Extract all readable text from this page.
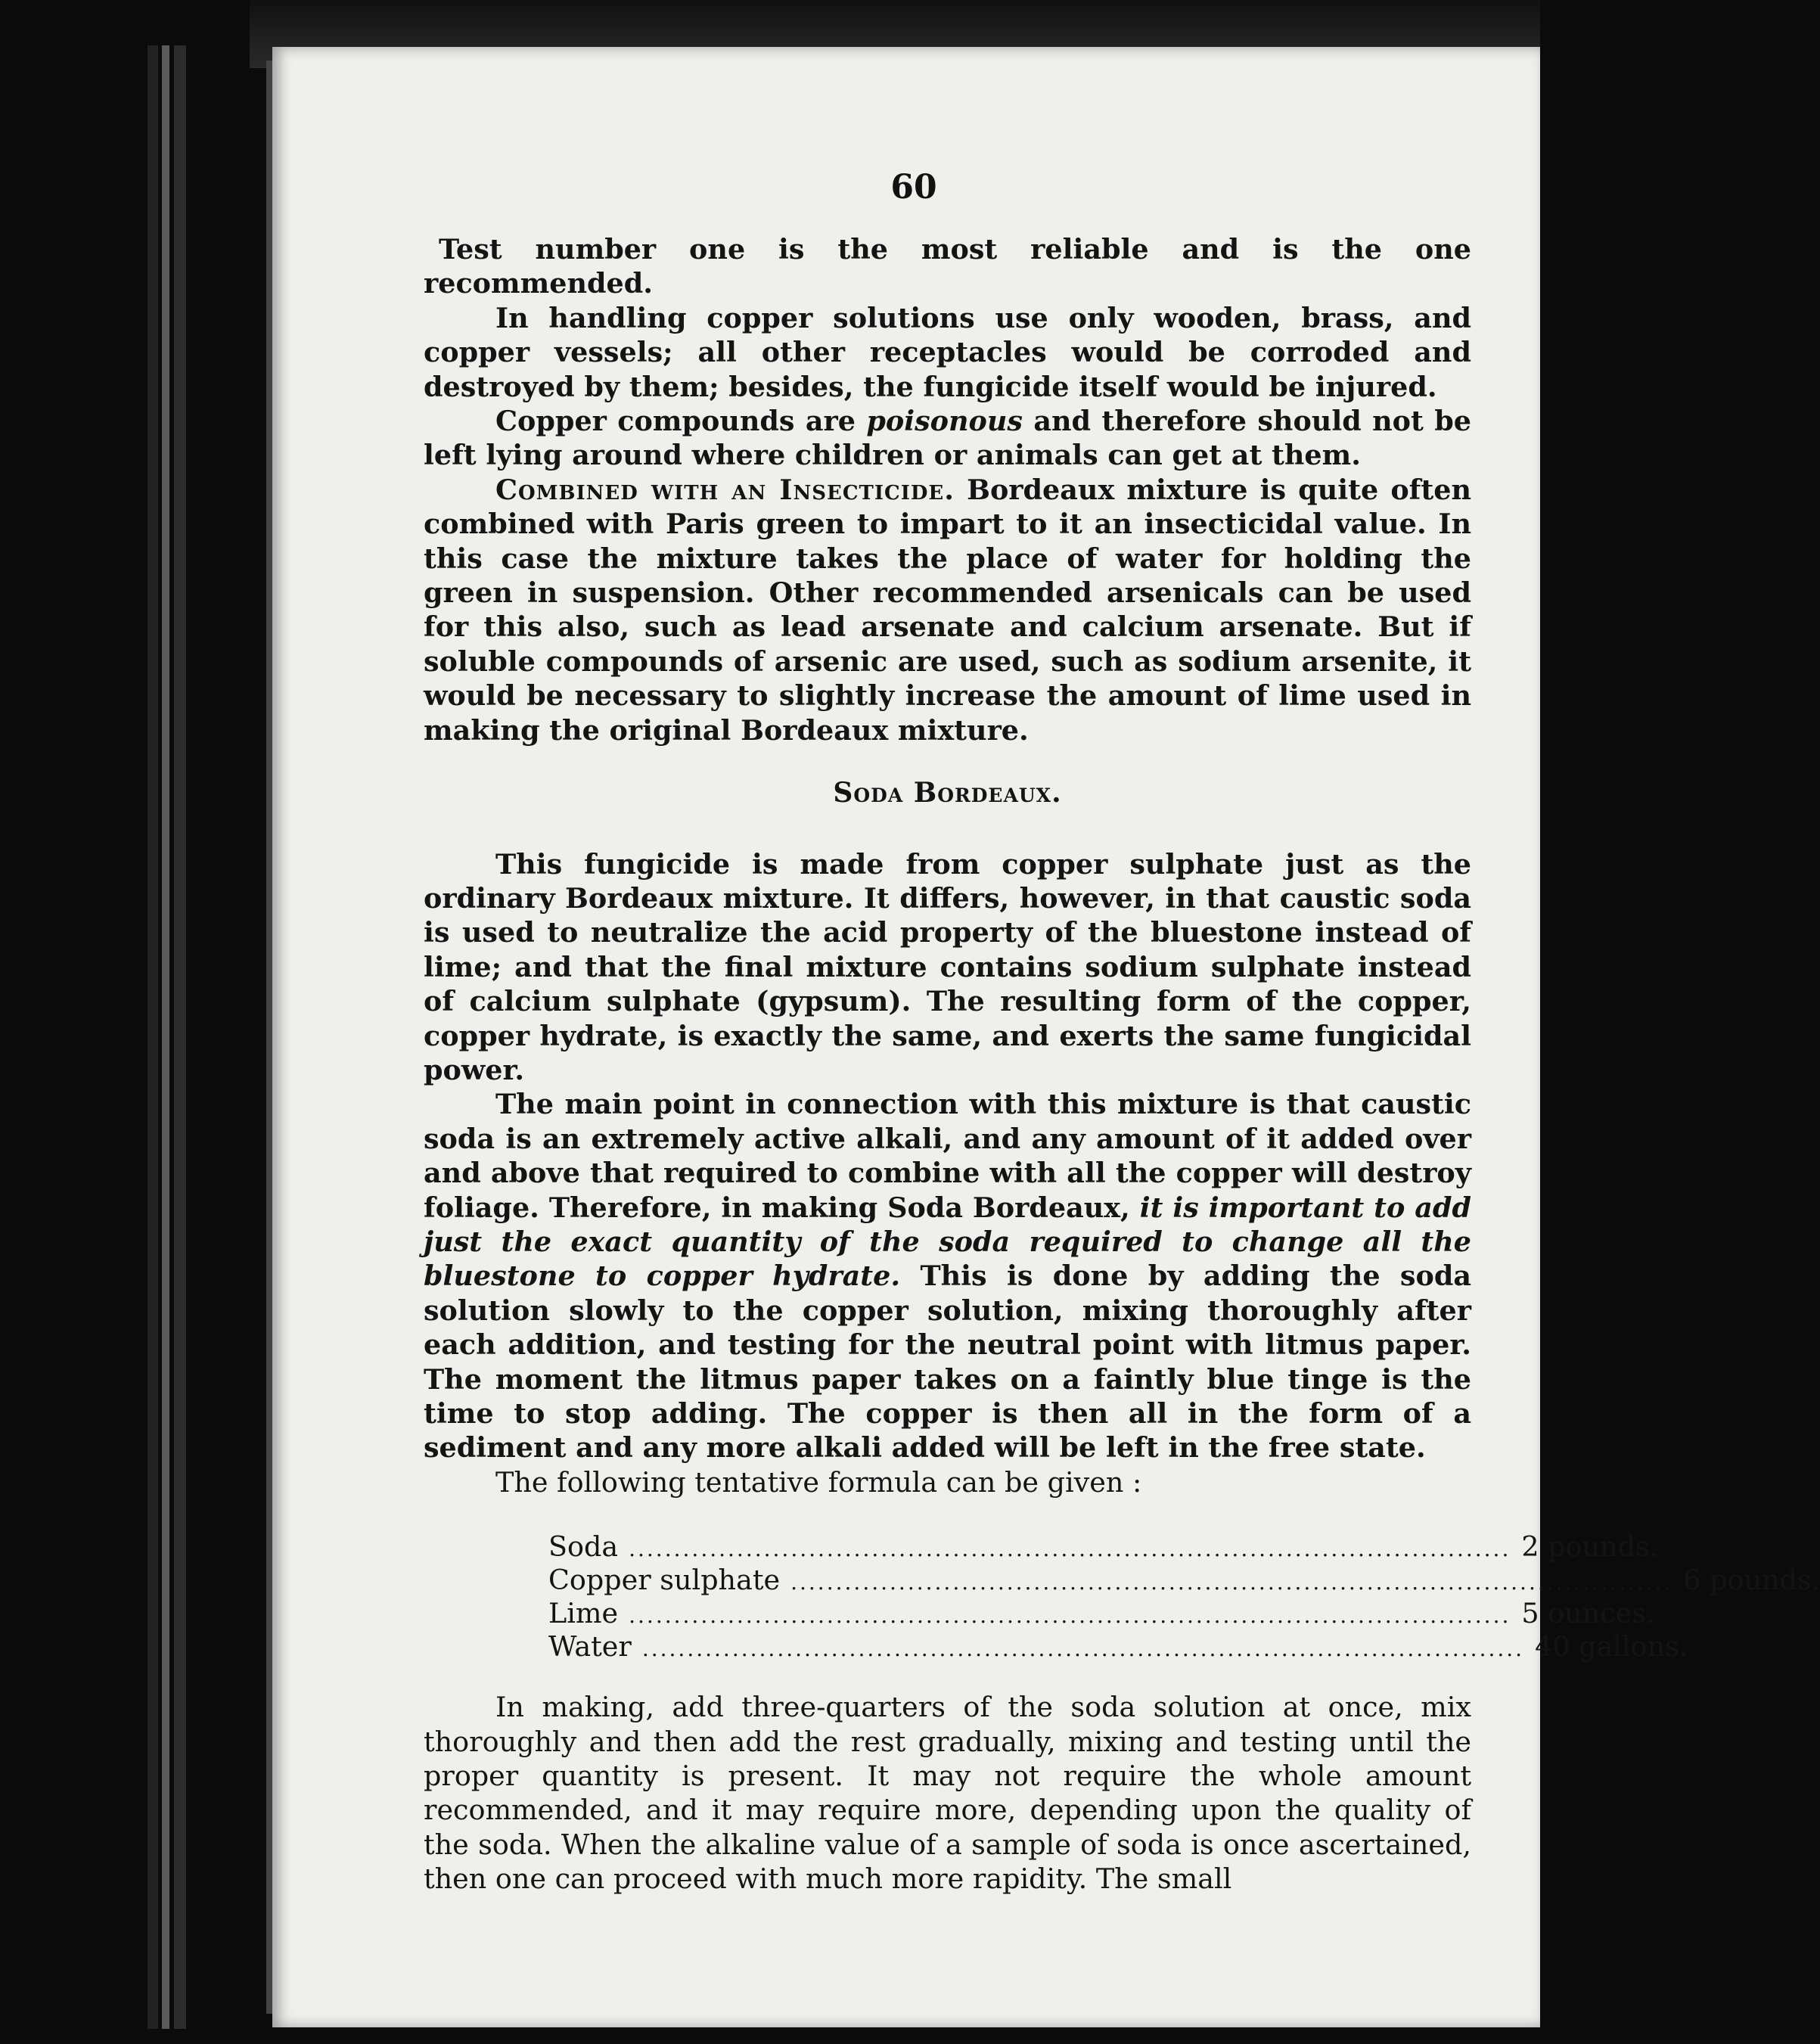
60

Test number one is the most reliable and is the one recommended.

In handling copper solutions use only wooden, brass, and copper vessels; all other receptacles would be corroded and destroyed by them; besides, the fungicide itself would be injured.

Copper compounds are poisonous and therefore should not be left lying around where children or animals can get at them.

Combined with an Insecticide. Bordeaux mixture is quite often combined with Paris green to impart to it an insecticidal value. In this case the mixture takes the place of water for holding the green in suspension. Other recommended arsenicals can be used for this also, such as lead arsenate and calcium arsenate. But if soluble compounds of arsenic are used, such as sodium arsenite, it would be necessary to slightly increase the amount of lime used in making the original Bordeaux mixture.

Soda Bordeaux.

This fungicide is made from copper sulphate just as the ordinary Bordeaux mixture. It differs, however, in that caustic soda is used to neutralize the acid property of the bluestone instead of lime; and that the final mixture contains sodium sulphate instead of calcium sulphate (gypsum). The resulting form of the copper, copper hydrate, is exactly the same, and exerts the same fungicidal power.

The main point in connection with this mixture is that caustic soda is an extremely active alkali, and any amount of it added over and above that required to combine with all the copper will destroy foliage. Therefore, in making Soda Bordeaux, it is important to add just the exact quantity of the soda required to change all the bluestone to copper hydrate. This is done by adding the soda solution slowly to the copper solution, mixing thoroughly after each addition, and testing for the neutral point with litmus paper. The moment the litmus paper takes on a faintly blue tinge is the time to stop adding. The copper is then all in the form of a sediment and any more alkali added will be left in the free state.

The following tentative formula can be given :

Soda .................................................................................................. 2 pounds.
Copper sulphate .................................................................................................. 6 pounds.
Lime .................................................................................................. 5 ounces.
Water .................................................................................................. 40 gallons.

In making, add three-quarters of the soda solution at once, mix thoroughly and then add the rest gradually, mixing and testing until the proper quantity is present. It may not require the whole amount recommended, and it may require more, depending upon the quality of the soda. When the alkaline value of a sample of soda is once ascertained, then one can proceed with much more rapidity. The small
